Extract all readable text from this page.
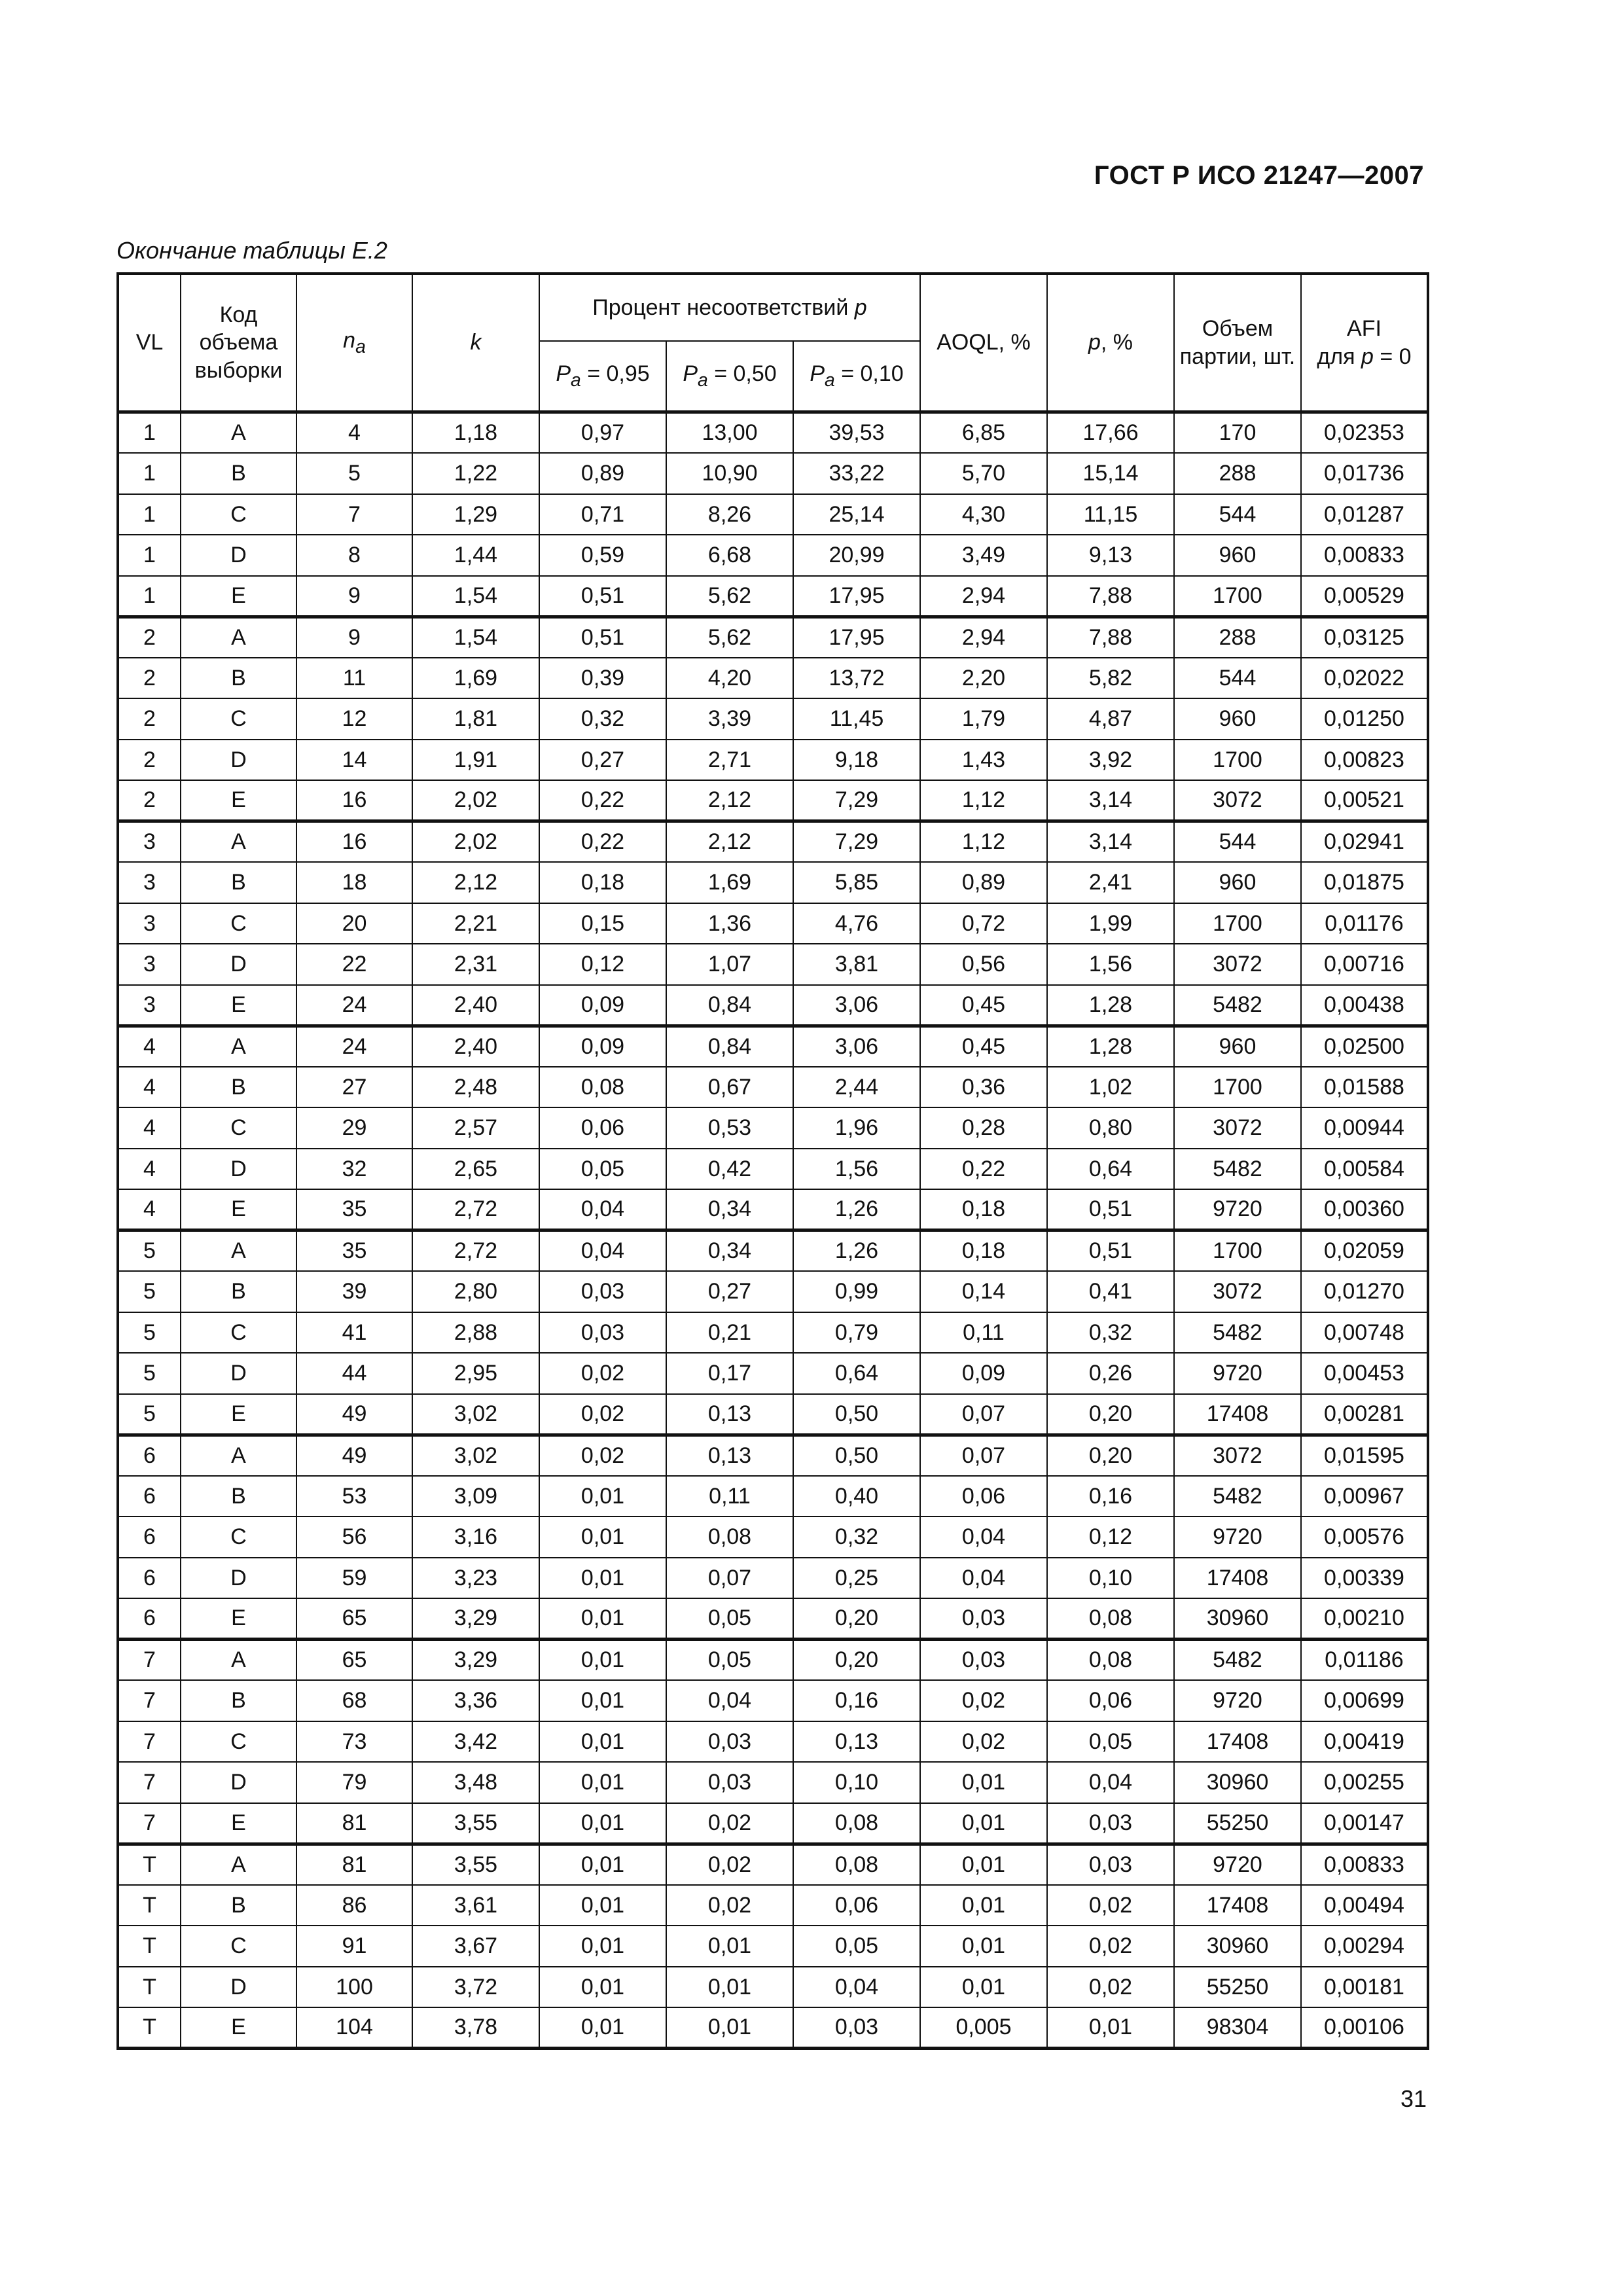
ГОСТ Р ИСО 21247—2007
Окончание таблицы E.2
VL	Код объема выборки	$n_a$	k	Процент несоответствий p			AOQL, %	p, %	Объем партии, шт.	AFI
для p = 0
				$P_a = 0,95$	$P_a = 0,50$	$P_a = 0,10$				
1	A	4	1,18	0,97	13,00	39,53	6,85	17,66	170	0,02353
1	B	5	1,22	0,89	10,90	33,22	5,70	15,14	288	0,01736
1	C	7	1,29	0,71	8,26	25,14	4,30	11,15	544	0,01287
1	D	8	1,44	0,59	6,68	20,99	3,49	9,13	960	0,00833
1	E	9	1,54	0,51	5,62	17,95	2,94	7,88	1700	0,00529
2	A	9	1,54	0,51	5,62	17,95	2,94	7,88	288	0,03125
2	B	11	1,69	0,39	4,20	13,72	2,20	5,82	544	0,02022
2	C	12	1,81	0,32	3,39	11,45	1,79	4,87	960	0,01250
2	D	14	1,91	0,27	2,71	9,18	1,43	3,92	1700	0,00823
2	E	16	2,02	0,22	2,12	7,29	1,12	3,14	3072	0,00521
3	A	16	2,02	0,22	2,12	7,29	1,12	3,14	544	0,02941
3	B	18	2,12	0,18	1,69	5,85	0,89	2,41	960	0,01875
3	C	20	2,21	0,15	1,36	4,76	0,72	1,99	1700	0,01176
3	D	22	2,31	0,12	1,07	3,81	0,56	1,56	3072	0,00716
3	E	24	2,40	0,09	0,84	3,06	0,45	1,28	5482	0,00438
4	A	24	2,40	0,09	0,84	3,06	0,45	1,28	960	0,02500
4	B	27	2,48	0,08	0,67	2,44	0,36	1,02	1700	0,01588
4	C	29	2,57	0,06	0,53	1,96	0,28	0,80	3072	0,00944
4	D	32	2,65	0,05	0,42	1,56	0,22	0,64	5482	0,00584
4	E	35	2,72	0,04	0,34	1,26	0,18	0,51	9720	0,00360
5	A	35	2,72	0,04	0,34	1,26	0,18	0,51	1700	0,02059
5	B	39	2,80	0,03	0,27	0,99	0,14	0,41	3072	0,01270
5	C	41	2,88	0,03	0,21	0,79	0,11	0,32	5482	0,00748
5	D	44	2,95	0,02	0,17	0,64	0,09	0,26	9720	0,00453
5	E	49	3,02	0,02	0,13	0,50	0,07	0,20	17408	0,00281
6	A	49	3,02	0,02	0,13	0,50	0,07	0,20	3072	0,01595
6	B	53	3,09	0,01	0,11	0,40	0,06	0,16	5482	0,00967
6	C	56	3,16	0,01	0,08	0,32	0,04	0,12	9720	0,00576
6	D	59	3,23	0,01	0,07	0,25	0,04	0,10	17408	0,00339
6	E	65	3,29	0,01	0,05	0,20	0,03	0,08	30960	0,00210
7	A	65	3,29	0,01	0,05	0,20	0,03	0,08	5482	0,01186
7	B	68	3,36	0,01	0,04	0,16	0,02	0,06	9720	0,00699
7	C	73	3,42	0,01	0,03	0,13	0,02	0,05	17408	0,00419
7	D	79	3,48	0,01	0,03	0,10	0,01	0,04	30960	0,00255
7	E	81	3,55	0,01	0,02	0,08	0,01	0,03	55250	0,00147
T	A	81	3,55	0,01	0,02	0,08	0,01	0,03	9720	0,00833
T	B	86	3,61	0,01	0,02	0,06	0,01	0,02	17408	0,00494
T	C	91	3,67	0,01	0,01	0,05	0,01	0,02	30960	0,00294
T	D	100	3,72	0,01	0,01	0,04	0,01	0,02	55250	0,00181
T	E	104	3,78	0,01	0,01	0,03	0,005	0,01	98304	0,00106
31
